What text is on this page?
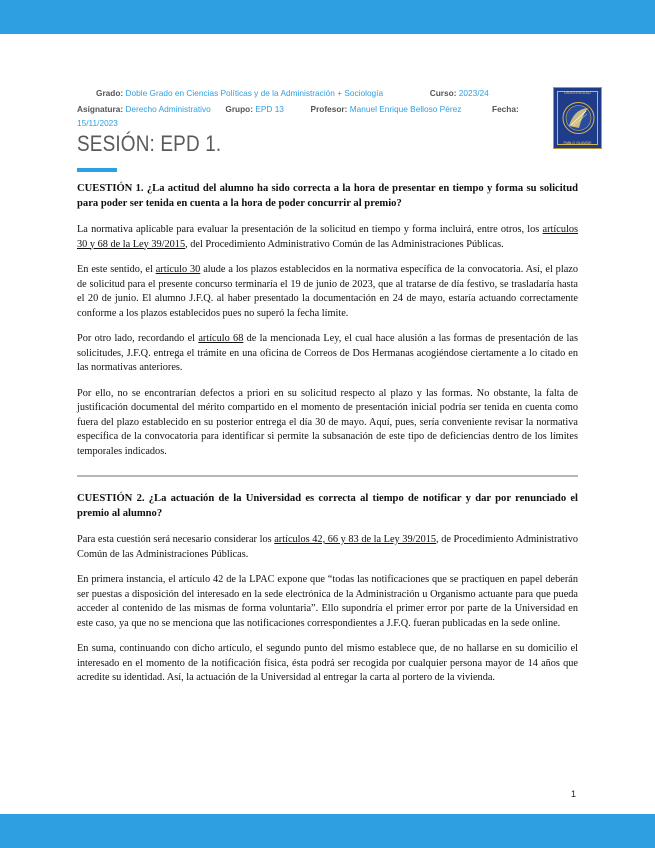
Grado: Doble Grado en Ciencias Políticas y de la Administración + Sociología	Curso: 2023/24
Asignatura: Derecho Administrativo Grupo: EPD 13	Profesor: Manuel Enrique Belloso Pérez	Fecha:
15/11/2023
SESIÓN: EPD 1.
UNIVERSIDAD
PABLO OLAVIDE

CUESTIÓN 1. ¿La actitud del alumno ha sido correcta a la hora de presentar en tiempo y forma su solicitud para poder ser tenida en cuenta a la hora de poder concurrir al premio?

La normativa aplicable para evaluar la presentación de la solicitud en tiempo y forma incluirá, entre otros, los artículos 30 y 68 de la Ley 39/2015, del Procedimiento Administrativo Común de las Administraciones Públicas.

En este sentido, el artículo 30 alude a los plazos establecidos en la normativa específica de la convocatoria. Así, el plazo de solicitud para el presente concurso terminaría el 19 de junio de 2023, que al tratarse de día festivo, se trasladaría hasta el 20 de junio. El alumno J.F.Q. al haber presentado la documentación en 24 de mayo, estaría actuando correctamente conforme a los plazos establecidos pues no superó la fecha límite.

Por otro lado, recordando el artículo 68 de la mencionada Ley, el cual hace alusión a las formas de presentación de las solicitudes, J.F.Q. entrega el trámite en una oficina de Correos de Dos Hermanas acogiéndose ciertamente a lo citado en las normativas anteriores.

Por ello, no se encontrarían defectos a priori en su solicitud respecto al plazo y las formas. No obstante, la falta de justificación documental del mérito compartido en el momento de presentación inicial podría ser tenida en cuenta como fuera del plazo establecido en su posterior entrega el día 30 de mayo. Aquí, pues, sería conveniente revisar la normativa específica de la convocatoria para identificar si permite la subsanación de este tipo de deficiencias dentro de los límites temporales indicados.

CUESTIÓN 2. ¿La actuación de la Universidad es correcta al tiempo de notificar y dar por renunciado el premio al alumno?

Para esta cuestión será necesario considerar los artículos 42, 66 y 83 de la Ley 39/2015, de Procedimiento Administrativo Común de las Administraciones Públicas.

En primera instancia, el artículo 42 de la LPAC expone que “todas las notificaciones que se practiquen en papel deberán ser puestas a disposición del interesado en la sede electrónica de la Administración u Organismo actuante para que pueda acceder al contenido de las mismas de forma voluntaria”. Ello supondría el primer error por parte de la Universidad en este caso, ya que no se menciona que las notificaciones correspondientes a J.F.Q. fueran publicadas en la sede online.

En suma, continuando con dicho artículo, el segundo punto del mismo establece que, de no hallarse en su domicilio el interesado en el momento de la notificación física, ésta podrá ser recogida por cualquier persona mayor de 14 años que acredite su identidad. Así, la actuación de la Universidad al entregar la carta al portero de la vivienda.

1
